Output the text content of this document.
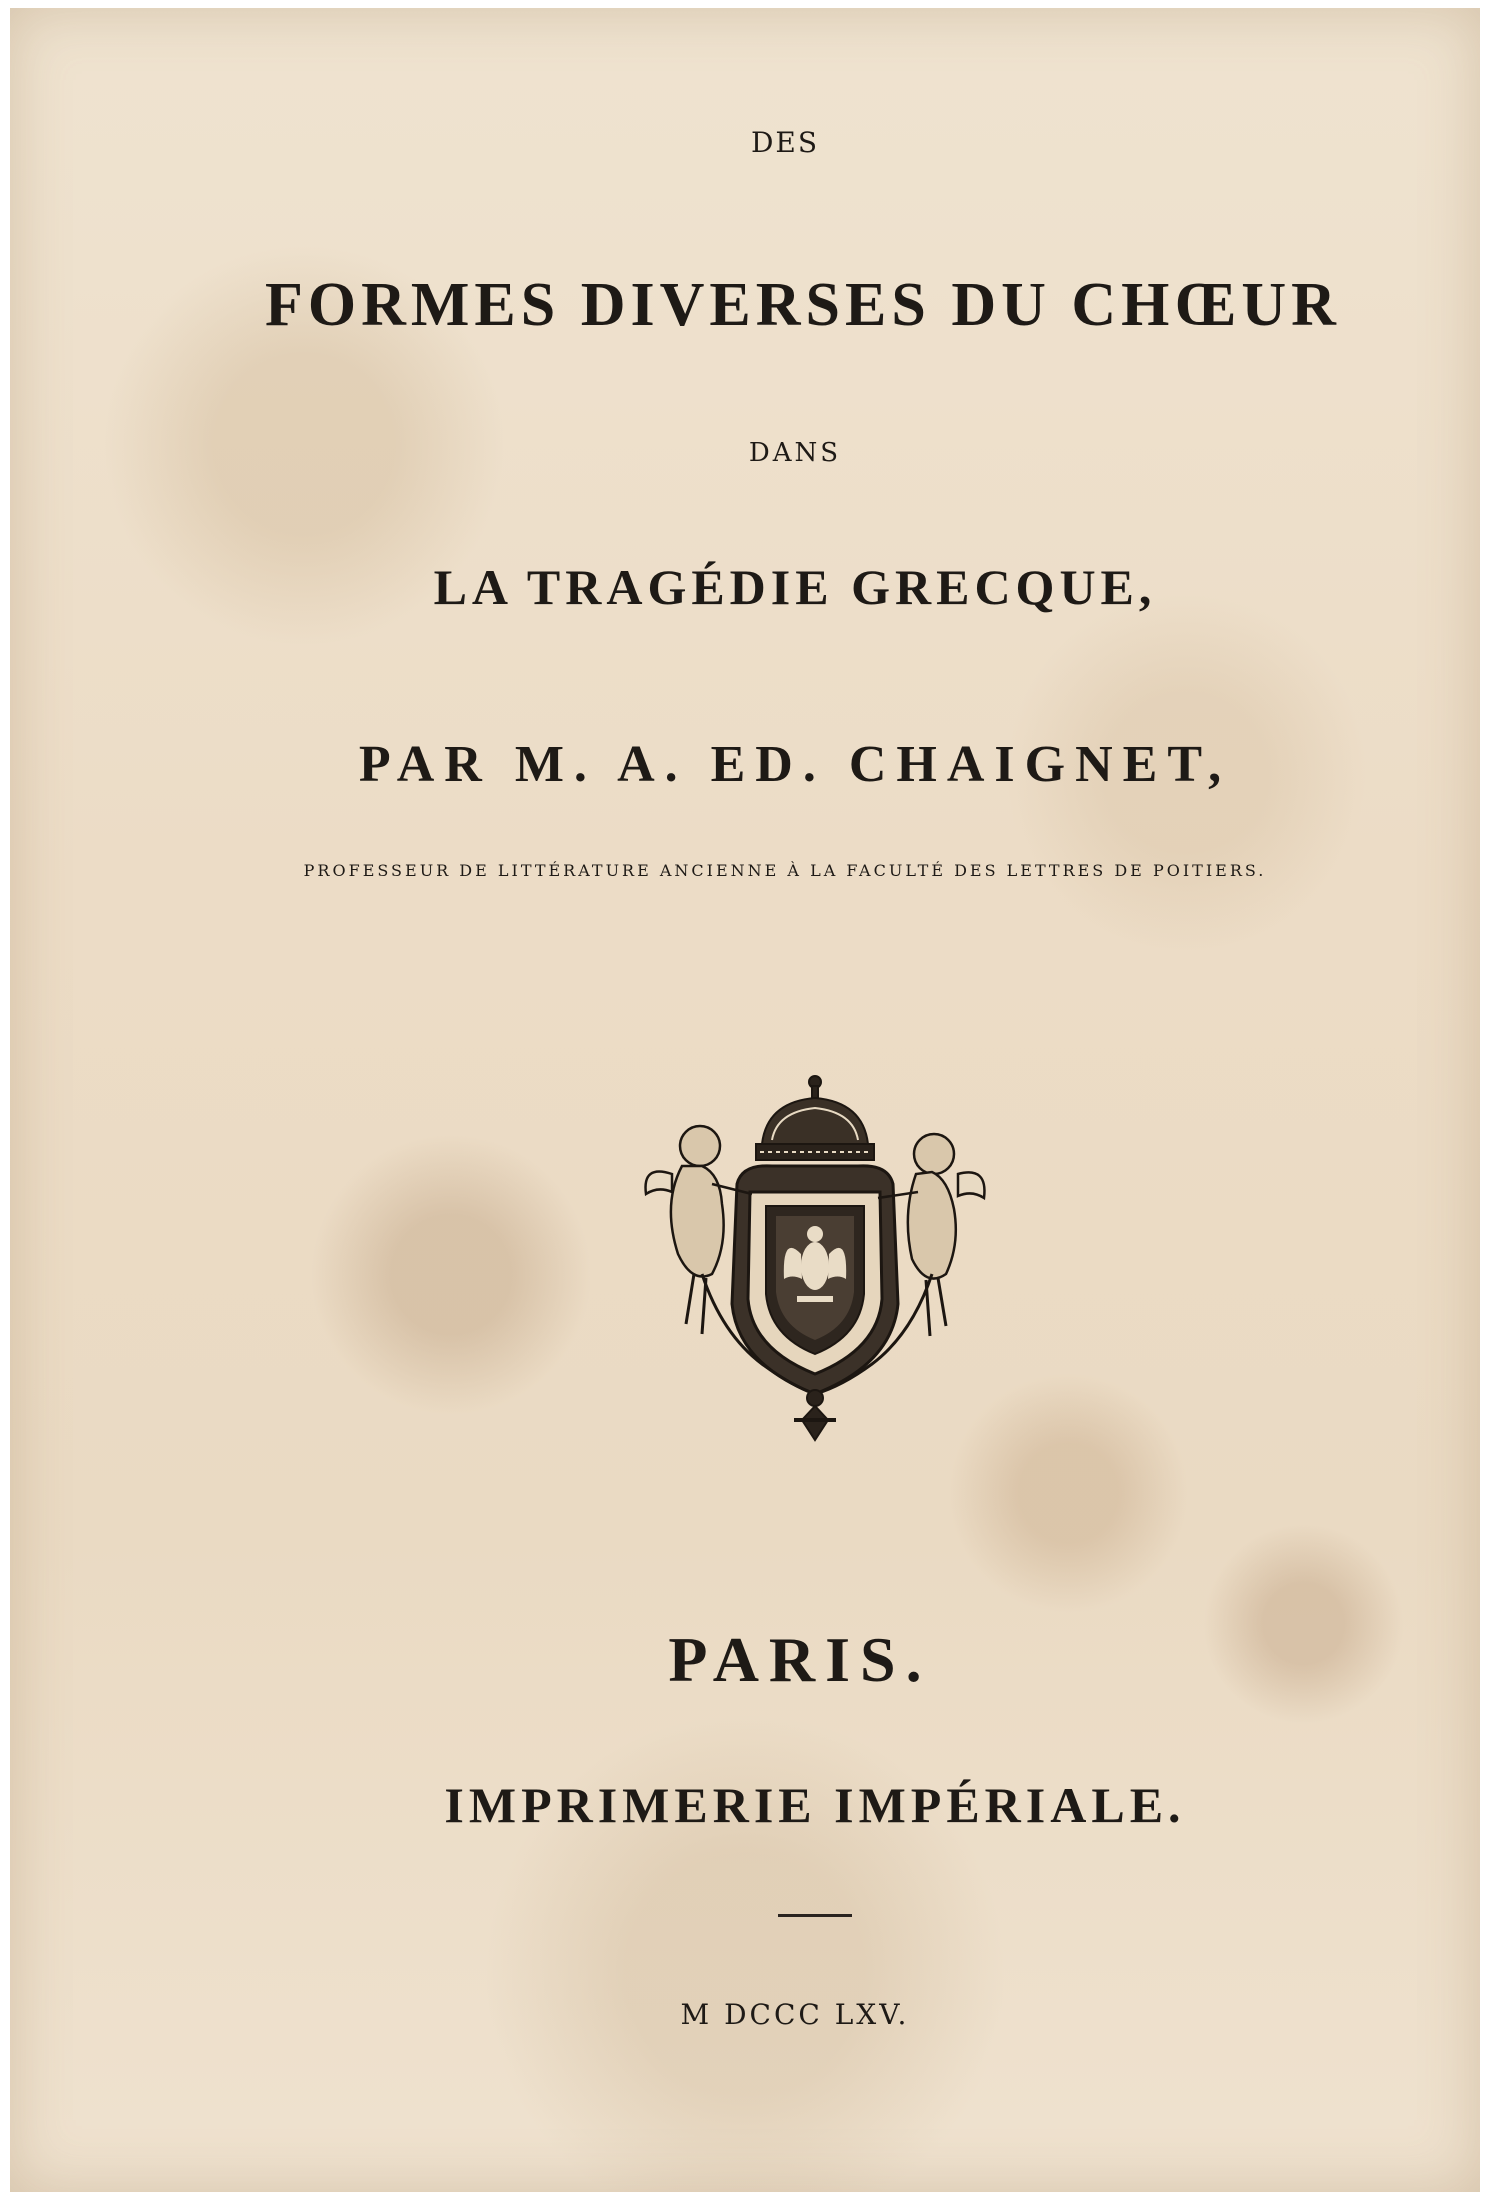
DES
FORMES DIVERSES DU CHŒUR
DANS
LA TRAGÉDIE GRECQUE,
PAR M. A. ED. CHAIGNET,
PROFESSEUR DE LITTÉRATURE ANCIENNE À LA FACULTÉ DES LETTRES DE POITIERS.
PARIS.
IMPRIMERIE IMPÉRIALE.
M DCCC LXV.
